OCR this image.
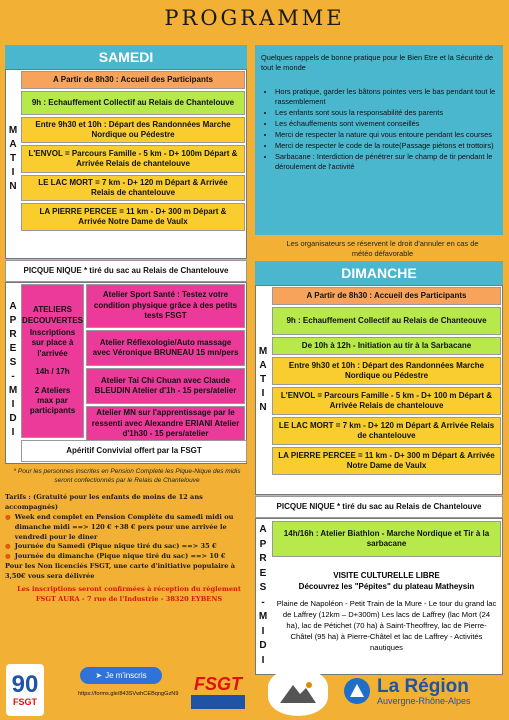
PROGRAMME
SAMEDI
M
A
T
I
N
A Partir de 8h30 : Accueil des Participants
9h : Echauffement Collectif au Relais de Chantelouve
Entre 9h30 et 10h : Départ des Randonnées Marche Nordique ou Pédestre
L'ENVOL = Parcours Famille - 5 km - D+ 100m Départ & Arrivée Relais de chantelouve
LE LAC MORT = 7 km - D+ 120 m Départ & Arrivée Relais de chantelouve
LA PIERRE PERCEE = 11 km - D+ 300 m Départ & Arrivée Notre Dame de Vaulx
PICQUE NIQUE * tiré du sac au Relais de Chantelouve
A
P
R
E
S
-
M
I
D
I
ATELIERS DECOUVERTES
Inscriptions sur place à l'arrivée
14h / 17h
2 Ateliers max par participants
Atelier Sport Santé : Testez votre condition physique grâce à des petits tests FSGT
Atelier Réflexologie/Auto massage avec Véronique BRUNEAU 15 mn/pers
Atelier Tai Chi Chuan avec Claude BLEUDIN Atelier d'1h - 15 pers/atelier
Atelier MN sur l'apprentissage par le ressenti avec Alexandre ERIANI Atelier d'1h30 - 15 pers/atelier
Apéritif Convivial offert par la FSGT
* Pour les personnes inscrites en Pension Complete les Pique-Nique des midis seront confectionnés par le Relais de Chantelouve
Tarifs : (Gratuité pour les enfants de moins de 12 ans accompagnés)
● Week end complet en Pension Complète du samedi midi ou dimanche midi ==> 120 € +38 € pers pour une arrivée le vendredi pour le diner
● Journée du Samedi (Pique nique tiré du sac) ==> 35 €
● Journée du dimanche (Pique nique tiré du sac) ==> 10 €
Pour les Non licenciés FSGT, une carte d'initiative populaire à 3,50€ vous sera délivrée
Les inscriptions seront confirmées à réception du règlement
FSGT AURA - 7 rue de l'Industrie - 38320 EYBENS
Quelques rappels de bonne pratique pour le Bien Etre et la Sécurité de tout le monde
• Hors pratique, garder les bâtons pointes vers le bas pendant tout le rassemblement
• Les enfants sont sous la responsabilité des parents
• Les échauffements sont vivement conseillés
• Merci de respecter la nature qui vous entoure pendant les courses
• Merci de respecter le code de la route(Passage piétons et trottoirs)
• Sarbacane : Interdiction de pénétrer sur le champ de tir pendant le déroulement de l'activité
Les organisateurs se réservent le droit d'annuler en cas de météo défavorable
DIMANCHE
M
A
T
I
N
A Partir de 8h30 : Accueil des Participants
9h : Echauffement Collectif au Relais de Chanteouve
De 10h à 12h - Initiation au tir à la Sarbacane
Entre 9h30 et 10h : Départ des Randonnées Marche Nordique ou Pédestre
L'ENVOL = Parcours Famille - 5 km - D+ 100 m Départ & Arrivée Relais de chantelouve
LE LAC MORT = 7 km - D+ 120 m Départ & Arrivée Relais de chantelouve
LA PIERRE PERCEE = 11 km - D+ 300 m Départ & Arrivée Notre Dame de Vaulx
PICQUE NIQUE * tiré du sac au Relais de Chantelouve
A
P
R
E
S
-
M
I
D
I
14h/16h : Atelier Biathlon - Marche Nordique et Tir à la sarbacane
VISITE CULTURELLE LIBRE
Découvrez les "Pépites" du plateau Matheysin
Plaine de Napoléon - Petit Train de la Mure - Le tour du grand lac de Laffrey (12km – D+300m) Les lacs de Laffrey (lac Mort (24 ha), lac de Pétichet (70 ha) à Saint-Theoffrey, lac de Pierre-Châtel (95 ha) à Pierre-Châtel et lac de Laffrey - Activités nautiques
90
FSGT
➤ Je m'inscris
https://forms.gle/843SVwhCEBqngGzN9
FSGT	La Région
Auvergne-Rhône-Alpes
